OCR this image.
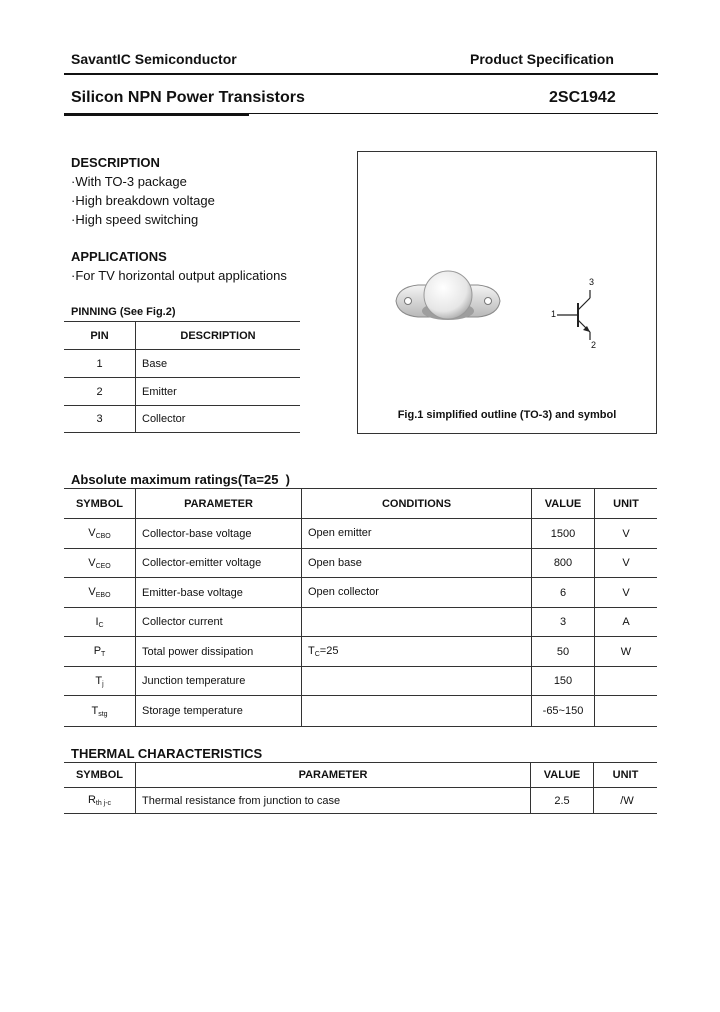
SavantIC Semiconductor	Product Specification
Silicon NPN Power Transistors	2SC1942
DESCRIPTION
·With TO-3 package
·High breakdown voltage
·High speed switching
APPLICATIONS
·For TV horizontal output applications
PINNING (See Fig.2)
PIN	DESCRIPTION
1	Base
2	Emitter
3	Collector
1
2
3
Fig.1 simplified outline (TO-3) and symbol
Absolute maximum ratings(Ta=25  )
SYMBOL	PARAMETER	CONDITIONS	VALUE	UNIT
$V_{CBO}$	Collector-base voltage	Open emitter	1500	V
$V_{CEO}$	Collector-emitter voltage	Open base	800	V
$V_{EBO}$	Emitter-base voltage	Open collector	6	V
$I_C$	Collector current		3	A
$P_T$	Total power dissipation	$T_C=25$	50	W
$T_j$	Junction temperature		150	
$T_{stg}$	Storage temperature		-65~150	
THERMAL CHARACTERISTICS
SYMBOL	PARAMETER	VALUE	UNIT
$R_{th j-c}$	Thermal resistance from junction to case	2.5	/W
